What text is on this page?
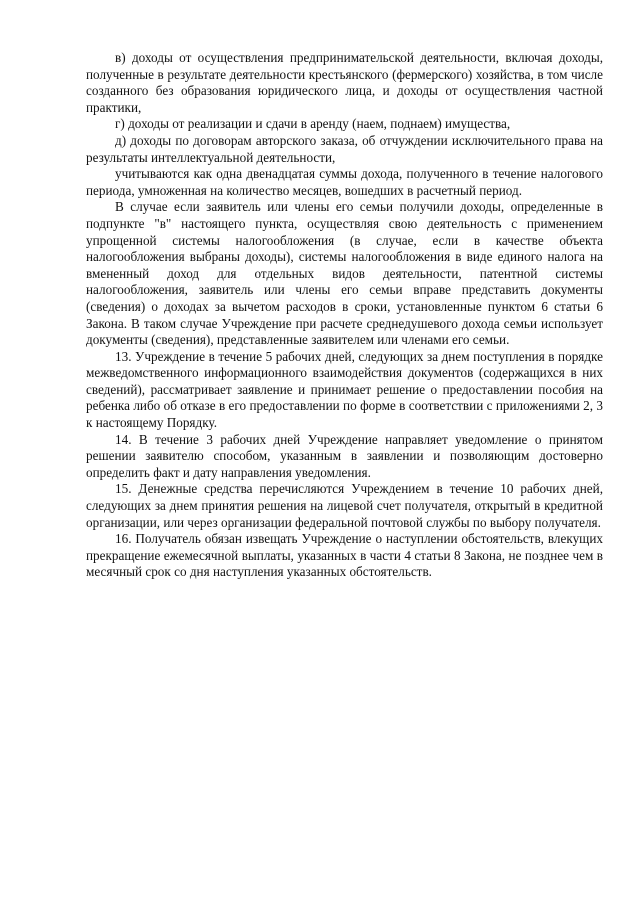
в) доходы от осуществления предпринимательской деятельности, включая доходы, полученные в результате деятельности крестьянского (фермерского) хозяйства, в том числе созданного без образования юридического лица, и доходы от осуществления частной практики,

г) доходы от реализации и сдачи в аренду (наем, поднаем) имущества,

д) доходы по договорам авторского заказа, об отчуждении исключительного права на результаты интеллектуальной деятельности,

учитываются как одна двенадцатая суммы дохода, полученного в течение налогового периода, умноженная на количество месяцев, вошедших в расчетный период.

В случае если заявитель или члены его семьи получили доходы, определенные в подпункте "в" настоящего пункта, осуществляя свою деятельность с применением упрощенной системы налогообложения (в случае, если в качестве объекта налогообложения выбраны доходы), системы налогообложения в виде единого налога на вмененный доход для отдельных видов деятельности, патентной системы налогообложения, заявитель или члены его семьи вправе представить документы (сведения) о доходах за вычетом расходов в сроки, установленные пунктом 6 статьи 6 Закона. В таком случае Учреждение при расчете среднедушевого дохода семьи использует документы (сведения), представленные заявителем или членами его семьи.

13. Учреждение в течение 5 рабочих дней, следующих за днем поступления в порядке межведомственного информационного взаимодействия документов (содержащихся в них сведений), рассматривает заявление и принимает решение о предоставлении пособия на ребенка либо об отказе в его предоставлении по форме в соответствии с приложениями 2, 3 к настоящему Порядку.

14. В течение 3 рабочих дней Учреждение направляет уведомление о принятом решении заявителю способом, указанным в заявлении и позволяющим достоверно определить факт и дату направления уведомления.

15. Денежные средства перечисляются Учреждением в течение 10 рабочих дней, следующих за днем принятия решения на лицевой счет получателя, открытый в кредитной организации, или через организации федеральной почтовой службы по выбору получателя.

16. Получатель обязан извещать Учреждение о наступлении обстоятельств, влекущих прекращение ежемесячной выплаты, указанных в части 4 статьи 8 Закона, не позднее чем в месячный срок со дня наступления указанных обстоятельств.
